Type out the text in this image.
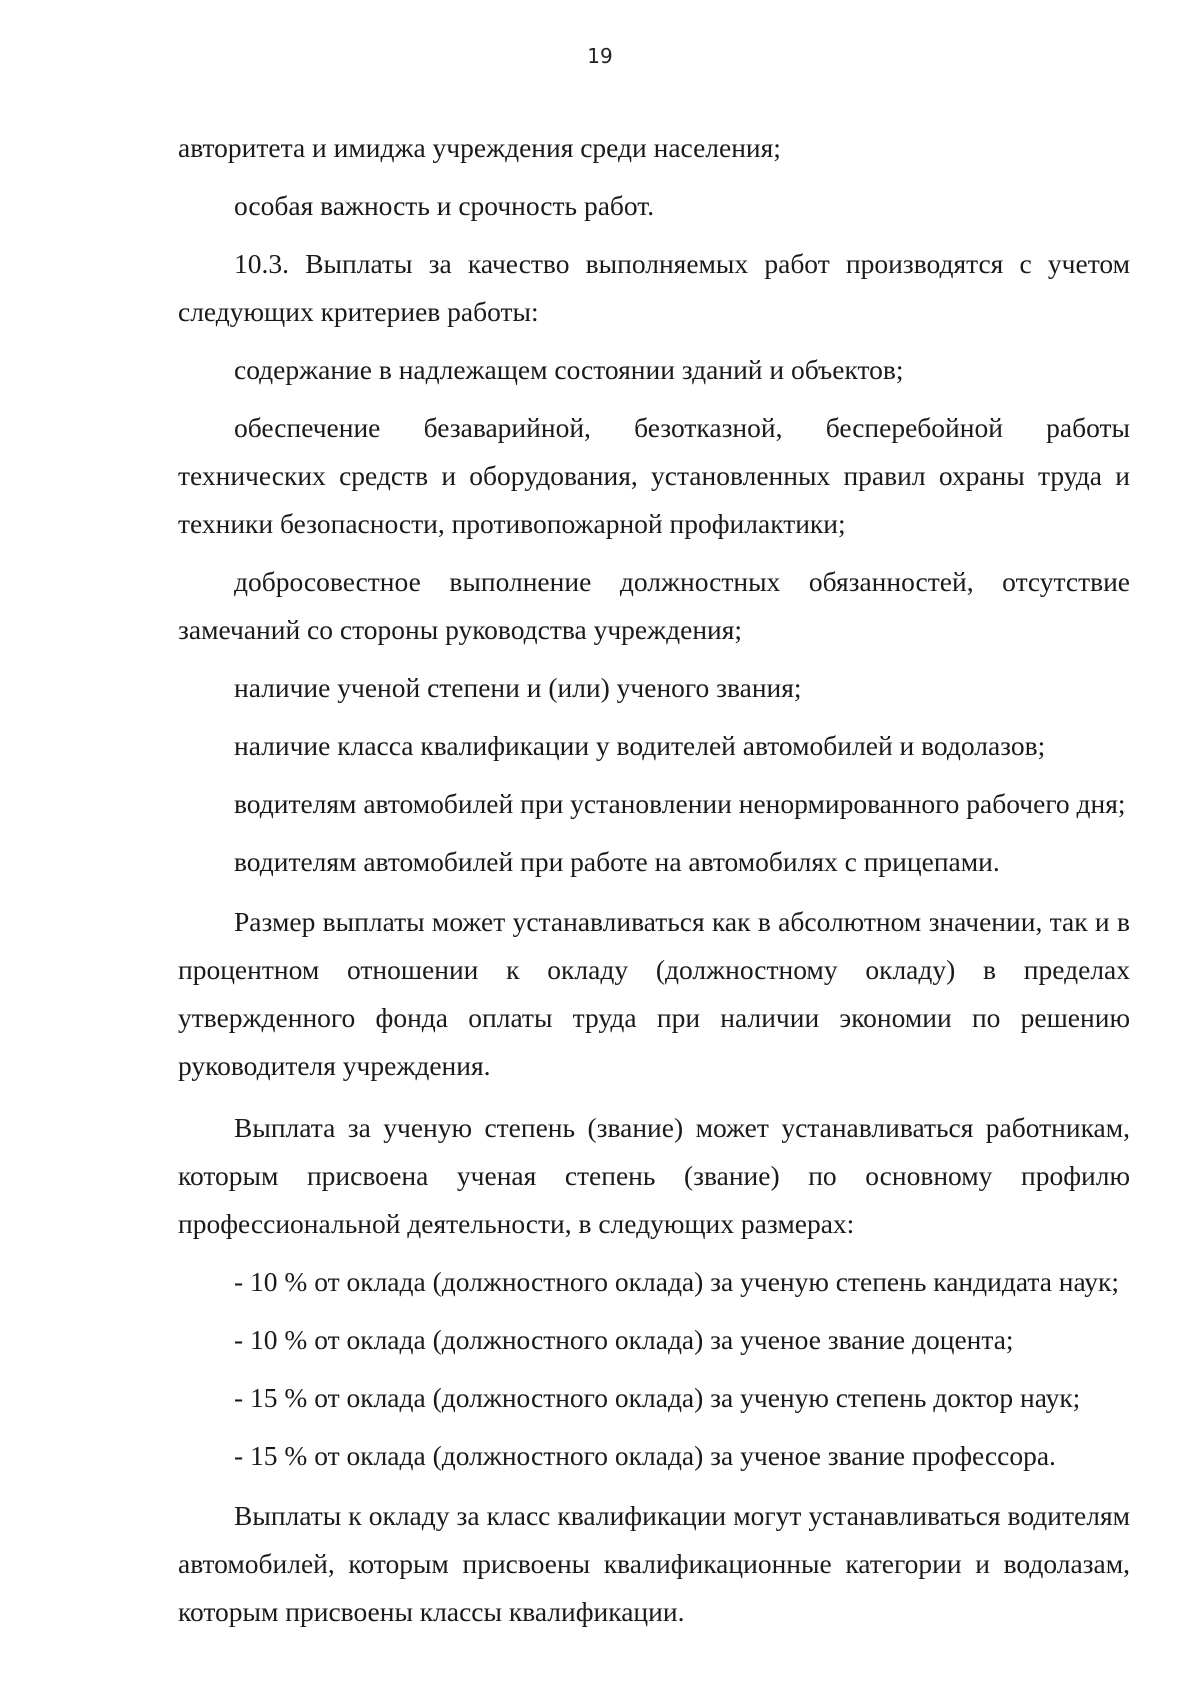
19

авторитета и имиджа учреждения среди населения;

особая важность и срочность работ.

10.3. Выплаты за качество выполняемых работ производятся с учетом следующих критериев работы:

содержание в надлежащем состоянии зданий и объектов;

обеспечение безаварийной, безотказной, бесперебойной работы технических средств и оборудования, установленных правил охраны труда и техники безопасности, противопожарной профилактики;

добросовестное выполнение должностных обязанностей, отсутствие замечаний со стороны руководства учреждения;

наличие ученой степени и (или) ученого звания;

наличие класса квалификации у водителей автомобилей и водолазов;

водителям автомобилей при установлении ненормированного рабочего дня;

водителям автомобилей при работе на автомобилях с прицепами.

Размер выплаты может устанавливаться как в абсолютном значении, так и в процентном отношении к окладу (должностному окладу) в пределах утвержденного фонда оплаты труда при наличии экономии по решению руководителя учреждения.

Выплата за ученую степень (звание) может устанавливаться работникам, которым присвоена ученая степень (звание) по основному профилю профессиональной деятельности, в следующих размерах:

- 10 % от оклада (должностного оклада) за ученую степень кандидата наук;

- 10 % от оклада (должностного оклада) за ученое звание доцента;

- 15 % от оклада (должностного оклада) за ученую степень доктор наук;

- 15 % от оклада (должностного оклада) за ученое звание профессора.

Выплаты к окладу за класс квалификации могут устанавливаться водителям автомобилей, которым присвоены квалификационные категории и водолазам, которым присвоены классы квалификации.
